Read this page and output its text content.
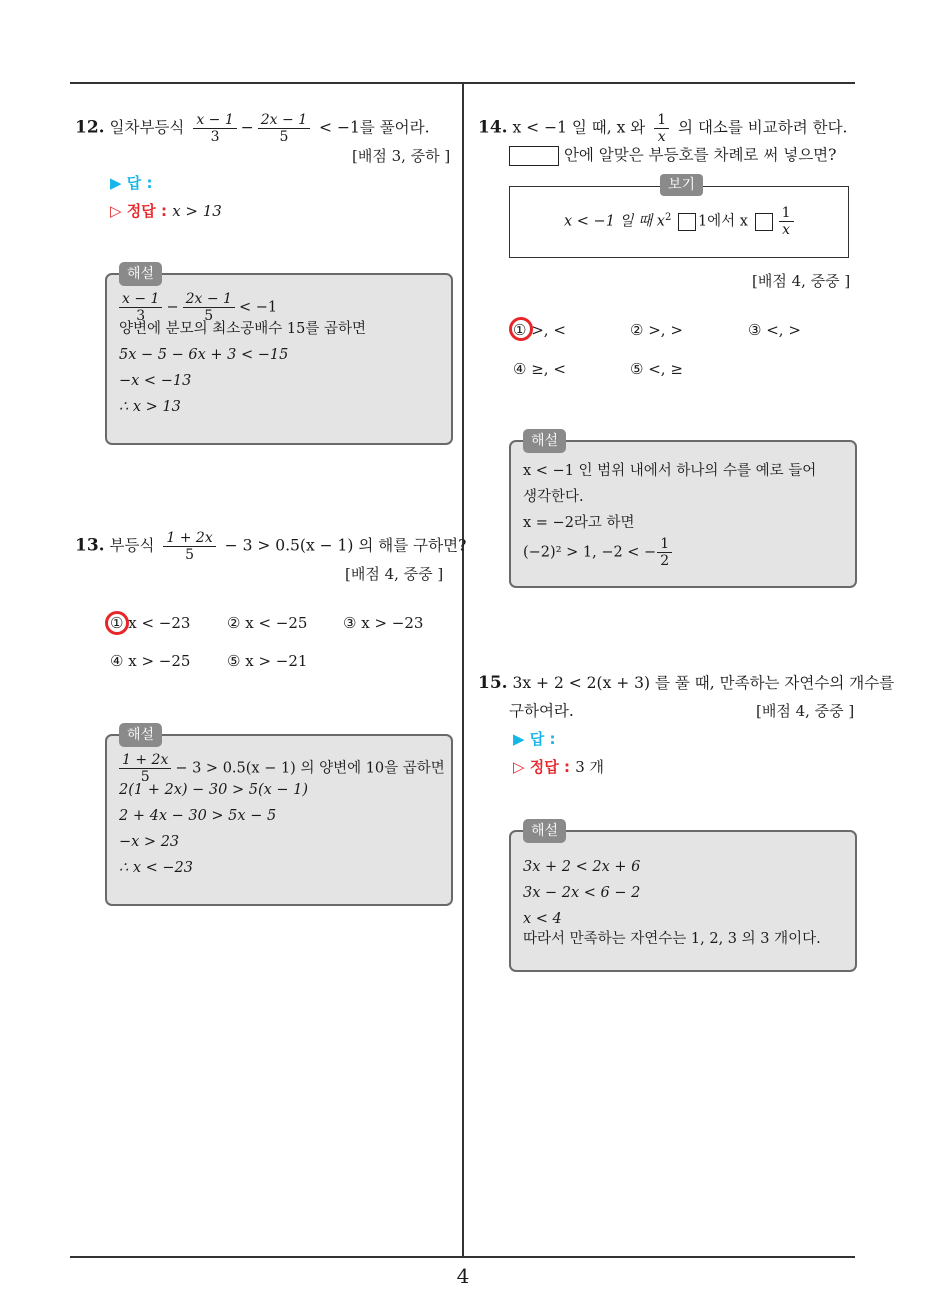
4
12. 일차부등식 $\frac{x - 1}{3} - \frac{2x - 1}{5} < -1$를 풀어라.
[배점 3, 중하 ]
▶ 답 :
▷ 정답 : x > 13
해설
$\frac{x - 1}{3} - \frac{2x - 1}{5} < -1$
양변에 분모의 최소공배수 15를 곱하면
5x − 5 − 6x + 3 < −15
−x < −13
∴ x > 13
13. 부등식 $\frac{1 + 2x}{5} - 3 > 0.5(x - 1)$ 의 해를 구하면?
[배점 4, 중중 ]
① x < −23 ② x < −25 ③ x > −23
④ x > −25 ⑤ x > −21
해설
$\frac{1 + 2x}{5} - 3 > 0.5(x - 1)$ 의 양변에 10을 곱하면
2(1 + 2x) − 30 > 5(x − 1)
2 + 4x − 30 > 5x − 5
−x > 23
∴ x < −23
14. x < −1 일 때, x 와 $\frac{1}{x}$ 의 대소를 비교하려 한다.
안에 알맞은 부등호를 차례로 써 넣으면?
보기
x < −1 일 때 $x^2$ 1에서 x $\frac{1}{x}$
[배점 4, 중중 ]
① >, <	② >, >	③ <, >
④ ≥, <	⑤ <, ≥
해설
x < −1 인 범위 내에서 하나의 수를 예로 들어
생각한다.
x = −2라고 하면
(−2)² > 1, −2 < − $\frac{1}{2}$
15. 3x + 2 < 2(x + 3) 를 풀 때, 만족하는 자연수의 개수를
구하여라.	[배점 4, 중중 ]
▶ 답 :
▷ 정답 : 3 개
해설
3x + 2 < 2x + 6
3x − 2x < 6 − 2
x < 4
따라서 만족하는 자연수는 1, 2, 3 의 3 개이다.
